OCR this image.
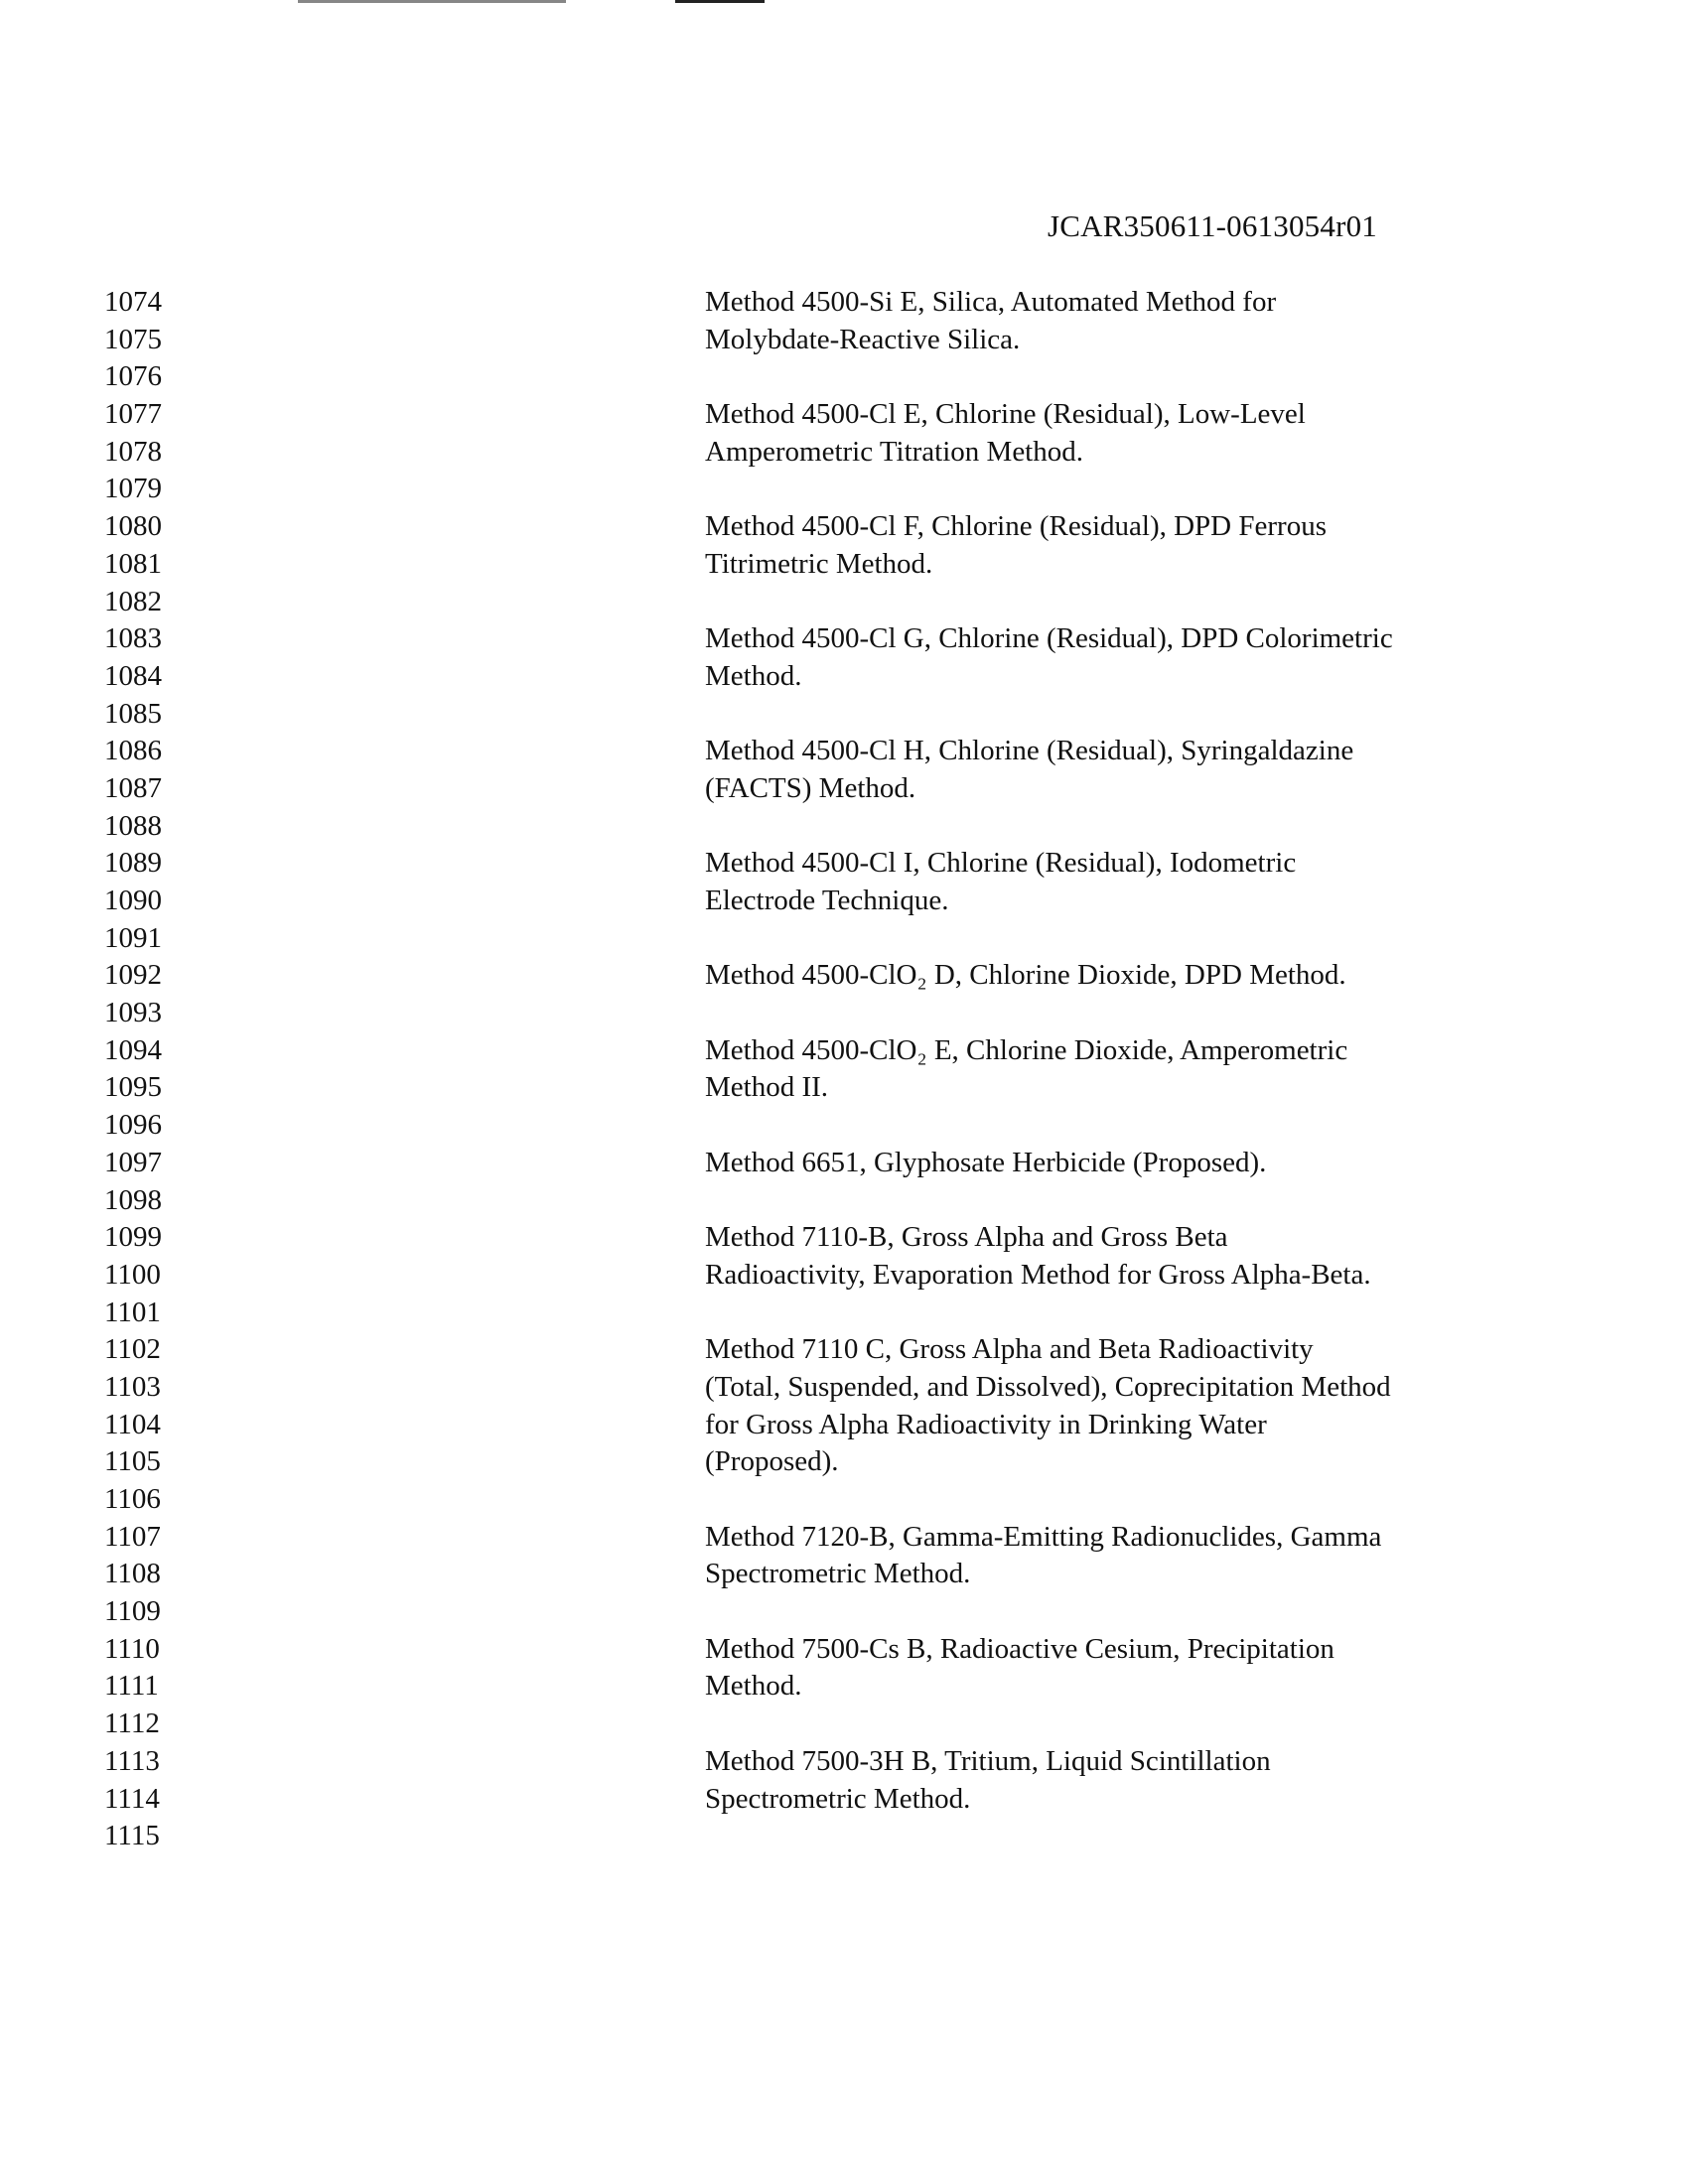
JCAR350611-0613054r01
1074
1075
1076
1077
1078
1079
1080
1081
1082
1083
1084
1085
1086
1087
1088
1089
1090
1091
1092
1093
1094
1095
1096
1097
1098
1099
1100
1101
1102
1103
1104
1105
1106
1107
1108
1109
1110
1111
1112
1113
1114
1115
Method 4500-Si E, Silica, Automated Method for
Molybdate-Reactive Silica.
Method 4500-Cl E, Chlorine (Residual), Low-Level
Amperometric Titration Method.
Method 4500-Cl F, Chlorine (Residual), DPD Ferrous
Titrimetric Method.
Method 4500-Cl G, Chlorine (Residual), DPD Colorimetric
Method.
Method 4500-Cl H, Chlorine (Residual), Syringaldazine
(FACTS) Method.
Method 4500-Cl I, Chlorine (Residual), Iodometric
Electrode Technique.
Method 4500-ClO₂ D, Chlorine Dioxide, DPD Method.
Method 4500-ClO₂ E, Chlorine Dioxide, Amperometric
Method II.
Method 6651, Glyphosate Herbicide (Proposed).
Method 7110-B, Gross Alpha and Gross Beta
Radioactivity, Evaporation Method for Gross Alpha-Beta.
Method 7110 C, Gross Alpha and Beta Radioactivity
(Total, Suspended, and Dissolved), Coprecipitation Method
for Gross Alpha Radioactivity in Drinking Water
(Proposed).
Method 7120-B, Gamma-Emitting Radionuclides, Gamma
Spectrometric Method.
Method 7500-Cs B, Radioactive Cesium, Precipitation
Method.
Method 7500-3H B, Tritium, Liquid Scintillation
Spectrometric Method.
